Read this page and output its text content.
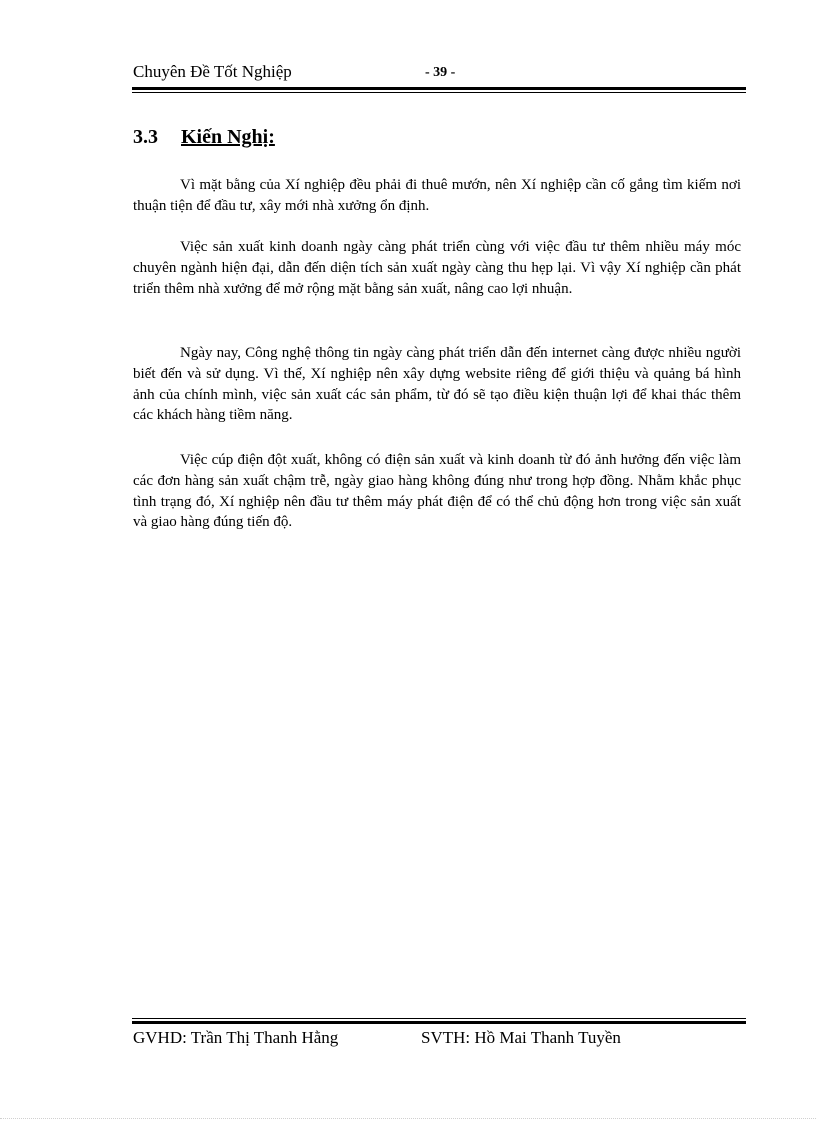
Chuyên Đề Tốt Nghiệp	- 39 -
3.3 Kiến Nghị:

Vì mặt bằng của Xí nghiệp đều phải đi thuê mướn, nên Xí nghiệp cần cố gắng tìm kiếm nơi thuận tiện để đầu tư, xây mới nhà xưởng ổn định.

Việc sản xuất kinh doanh ngày càng phát triển cùng với việc đầu tư thêm nhiều máy móc chuyên ngành hiện đại, dẫn đến diện tích sản xuất ngày càng thu hẹp lại. Vì vậy Xí nghiệp cần phát triển thêm nhà xưởng để mở rộng mặt bằng sản xuất, nâng cao lợi nhuận.

Ngày nay, Công nghệ thông tin ngày càng phát triển dẫn đến internet càng được nhiều người biết đến và sử dụng. Vì thế, Xí nghiệp nên xây dựng website riêng để giới thiệu và quảng bá hình ảnh của chính mình, việc sản xuất các sản phẩm, từ đó sẽ tạo điều kiện thuận lợi để khai thác thêm các khách hàng tiềm năng.

Việc cúp điện đột xuất, không có điện sản xuất và kinh doanh từ đó ảnh hưởng đến việc làm các đơn hàng sản xuất chậm trễ, ngày giao hàng không đúng như trong hợp đồng. Nhằm khắc phục tình trạng đó, Xí nghiệp nên đầu tư thêm máy phát điện để có thể chủ động hơn trong việc sản xuất và giao hàng đúng tiến độ.

GVHD: Trần Thị Thanh Hằng	SVTH: Hồ Mai Thanh Tuyền
